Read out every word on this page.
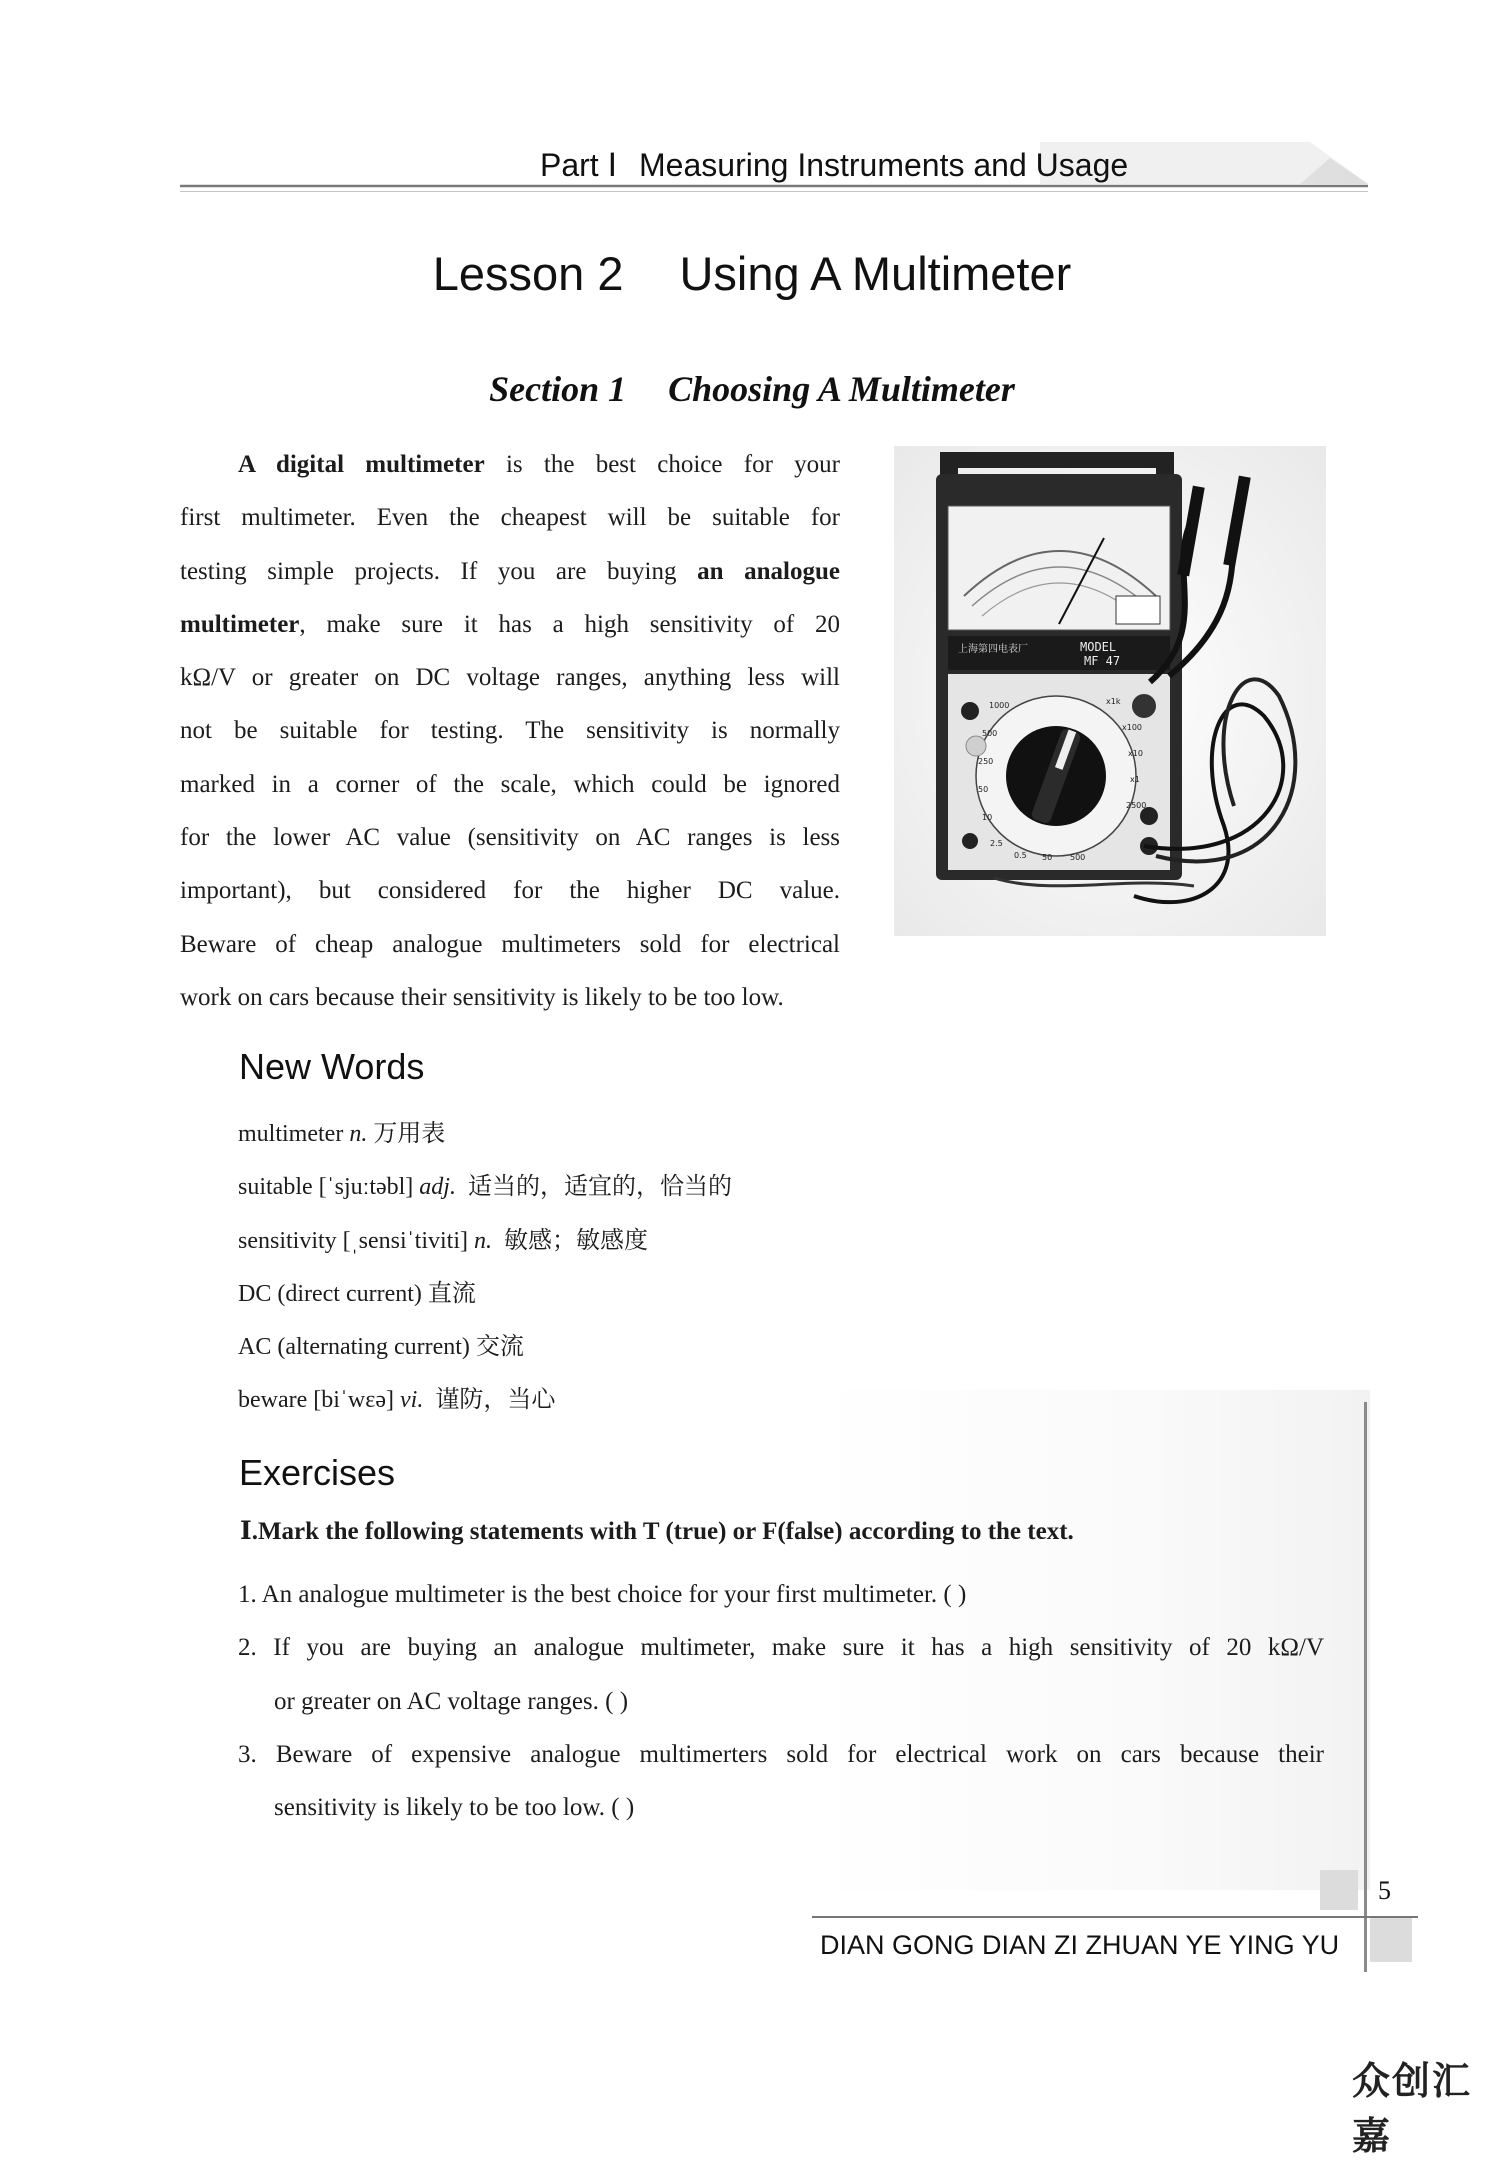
Part Ⅰ Measuring Instruments and Usage
Lesson 2 Using A Multimeter
Section 1 Choosing A Multimeter
A digital multimeter is the best choice for your
first multimeter. Even the cheapest will be suitable for
testing simple projects. If you are buying an analogue
multimeter, make sure it has a high sensitivity of 20
kΩ/V or greater on DC voltage ranges, anything less will
not be suitable for testing. The sensitivity is normally
marked in a corner of the scale, which could be ignored
for the lower AC value (sensitivity on AC ranges is less
important), but considered for the higher DC value.
Beware of cheap analogue multimeters sold for electrical
work on cars because their sensitivity is likely to be too low.
上海第四电表厂	MODEL
MF 47
1000
500
250
50
10
2.5
0.5 50 500
x1k
x100
x10
x1
2500
New Words
multimeter n. 万用表
suitable [ˈsjuːtəbl] adj. 适当的，适宜的，恰当的
sensitivity [ˌsensiˈtiviti] n. 敏感；敏感度
DC (direct current) 直流
AC (alternating current) 交流
beware [biˈwɛə] vi. 谨防，当心
Exercises
Ⅰ.Mark the following statements with T (true) or F(false) according to the text.
1. An analogue multimeter is the best choice for your first multimeter. ( )
2. If you are buying an analogue multimeter, make sure it has a high sensitivity of 20 kΩ/V
or greater on AC voltage ranges. ( )
3. Beware of expensive analogue multimerters sold for electrical work on cars because their
sensitivity is likely to be too low. ( )
5
DIAN GONG DIAN ZI ZHUAN YE YING YU
众创汇嘉
